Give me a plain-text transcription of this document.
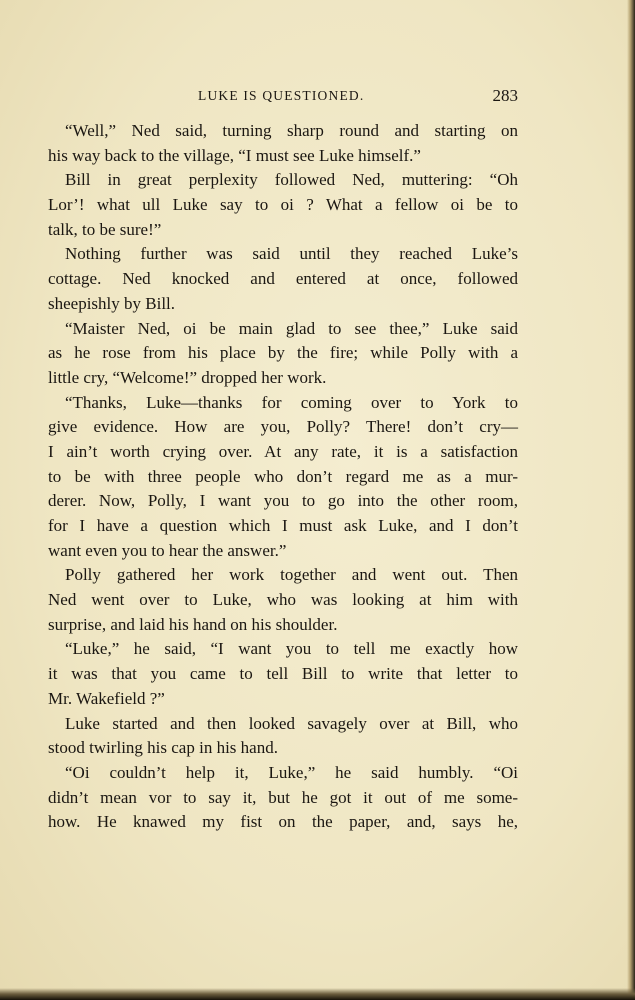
LUKE IS QUESTIONED.	283
“Well,” Ned said, turning sharp round and starting on
his way back to the village, “I must see Luke himself.”
Bill in great perplexity followed Ned, muttering: “Oh
Lor’! what ull Luke say to oi ? What a fellow oi be to
talk, to be sure!”
Nothing further was said until they reached Luke’s
cottage. Ned knocked and entered at once, followed
sheepishly by Bill.
“Maister Ned, oi be main glad to see thee,” Luke said
as he rose from his place by the fire; while Polly with a
little cry, “Welcome!” dropped her work.
“Thanks, Luke—thanks for coming over to York to
give evidence. How are you, Polly? There! don’t cry—
I ain’t worth crying over. At any rate, it is a satisfaction
to be with three people who don’t regard me as a mur-
derer. Now, Polly, I want you to go into the other room,
for I have a question which I must ask Luke, and I don’t
want even you to hear the answer.”
Polly gathered her work together and went out. Then
Ned went over to Luke, who was looking at him with
surprise, and laid his hand on his shoulder.
“Luke,” he said, “I want you to tell me exactly how
it was that you came to tell Bill to write that letter to
Mr. Wakefield ?”
Luke started and then looked savagely over at Bill, who
stood twirling his cap in his hand.
“Oi couldn’t help it, Luke,” he said humbly. “Oi
didn’t mean vor to say it, but he got it out of me some-
how. He knawed my fist on the paper, and, says he,
